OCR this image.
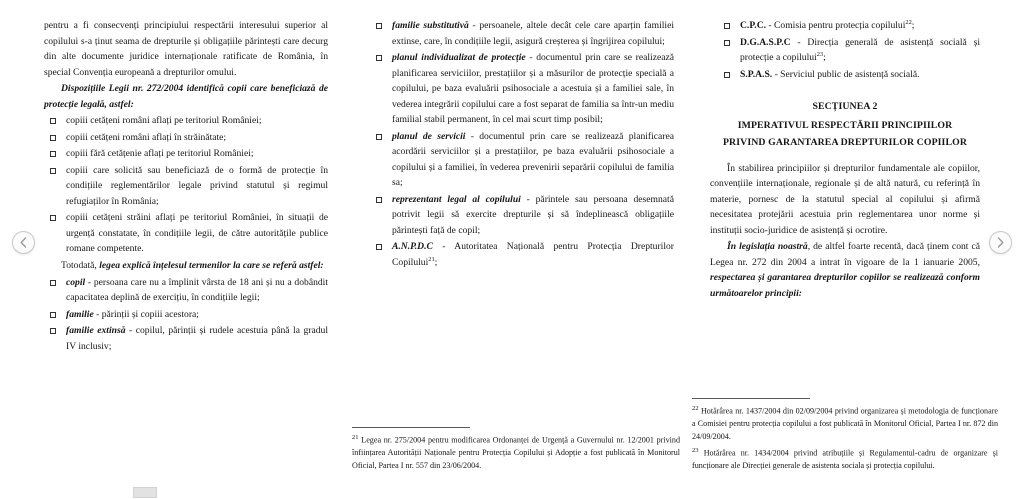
pentru a fi consecvenți principiului respectării interesului superior al copilului s-a ținut seama de drepturile și obligațiile părintești care decurg din alte documente juridice internaționale ratificate de România, în special Convenția europeană a drepturilor omului.

Dispozițiile Legii nr. 272/2004 identifică copii care beneficiază de protecție legală, astfel:

copiii cetățeni români aflați pe teritoriul României;
copiii cetățeni români aflați în străinătate;
copiii fără cetățenie aflați pe teritoriul României;
copiii care solicită sau beneficiază de o formă de protecție în condițiile reglementărilor legale privind statutul și regimul refugiaților în România;
copiii cetățeni străini aflați pe teritoriul României, în situații de urgență constatate, în condițiile legii, de către autoritățile publice romane competente.

Totodată, legea explică înțelesul termenilor la care se referă astfel:

copil - persoana care nu a împlinit vârsta de 18 ani și nu a dobândit capacitatea deplină de exercițiu, în condițiile legii;
familie - părinții și copiii acestora;
familie extinsă - copilul, părinții și rudele acestuia până la gradul IV inclusiv;
familie substitutivă - persoanele, altele decât cele care aparțin familiei extinse, care, în condițiile legii, asigură creșterea și îngrijirea copilului;
planul individualizat de protecție - documentul prin care se realizează planificarea serviciilor, prestațiilor și a măsurilor de protecție specială a copilului, pe baza evaluării psihosociale a acestuia și a familiei sale, în vederea integrării copilului care a fost separat de familia sa într-un mediu familial stabil permanent, în cel mai scurt timp posibil;
planul de servicii - documentul prin care se realizează planificarea acordării serviciilor și a prestațiilor, pe baza evaluării psihosociale a copilului și a familiei, în vederea prevenirii separării copilului de familia sa;
reprezentant legal al copilului - părintele sau persoana desemnată potrivit legii să exercite drepturile și să îndeplinească obligațiile părintești față de copil;
A.N.P.D.C - Autoritatea Națională pentru Protecția Drepturilor Copilului$^{21}$;

$^{21}$ Legea nr. 275/2004 pentru modificarea Ordonanței de Urgență a Guvernului nr. 12/2001 privind înființarea Autorității Naționale pentru Protecția Copilului și Adopție a fost publicată în Monitorul Oficial, Partea I nr. 557 din 23/06/2004.

C.P.C. - Comisia pentru protecția copilului$^{22}$;
D.G.A.S.P.C - Direcția generală de asistență socială și protecție a copilului$^{23}$;
S.P.A.S. - Serviciul public de asistență socială.
SECȚIUNEA 2
IMPERATIVUL RESPECTĂRII PRINCIPIILOR
PRIVIND GARANTAREA DREPTURILOR COPIILOR

În stabilirea principiilor și drepturilor fundamentale ale copiilor, convențiile internaționale, regionale și de altă natură, cu referință în materie, pornesc de la statutul special al copilului și afirmă necesitatea protejării acestuia prin reglementarea unor norme și instituții socio-juridice de asistență și ocrotire.

În legislația noastră, de altfel foarte recentă, dacă ținem cont că Legea nr. 272 din 2004 a intrat în vigoare de la 1 ianuarie 2005, respectarea și garantarea drepturilor copiilor se realizează conform următoarelor principii:

$^{22}$ Hotărârea nr. 1437/2004 din 02/09/2004 privind organizarea și metodologia de funcționare a Comisiei pentru protecția copilului a fost publicată în Monitorul Oficial, Partea I nr. 872 din 24/09/2004.

$^{23}$ Hotărârea nr. 1434/2004 privind atribuțiile și Regulamentul-cadru de organizare și funcționare ale Direcției generale de asistenta sociala și protecția copilului.
